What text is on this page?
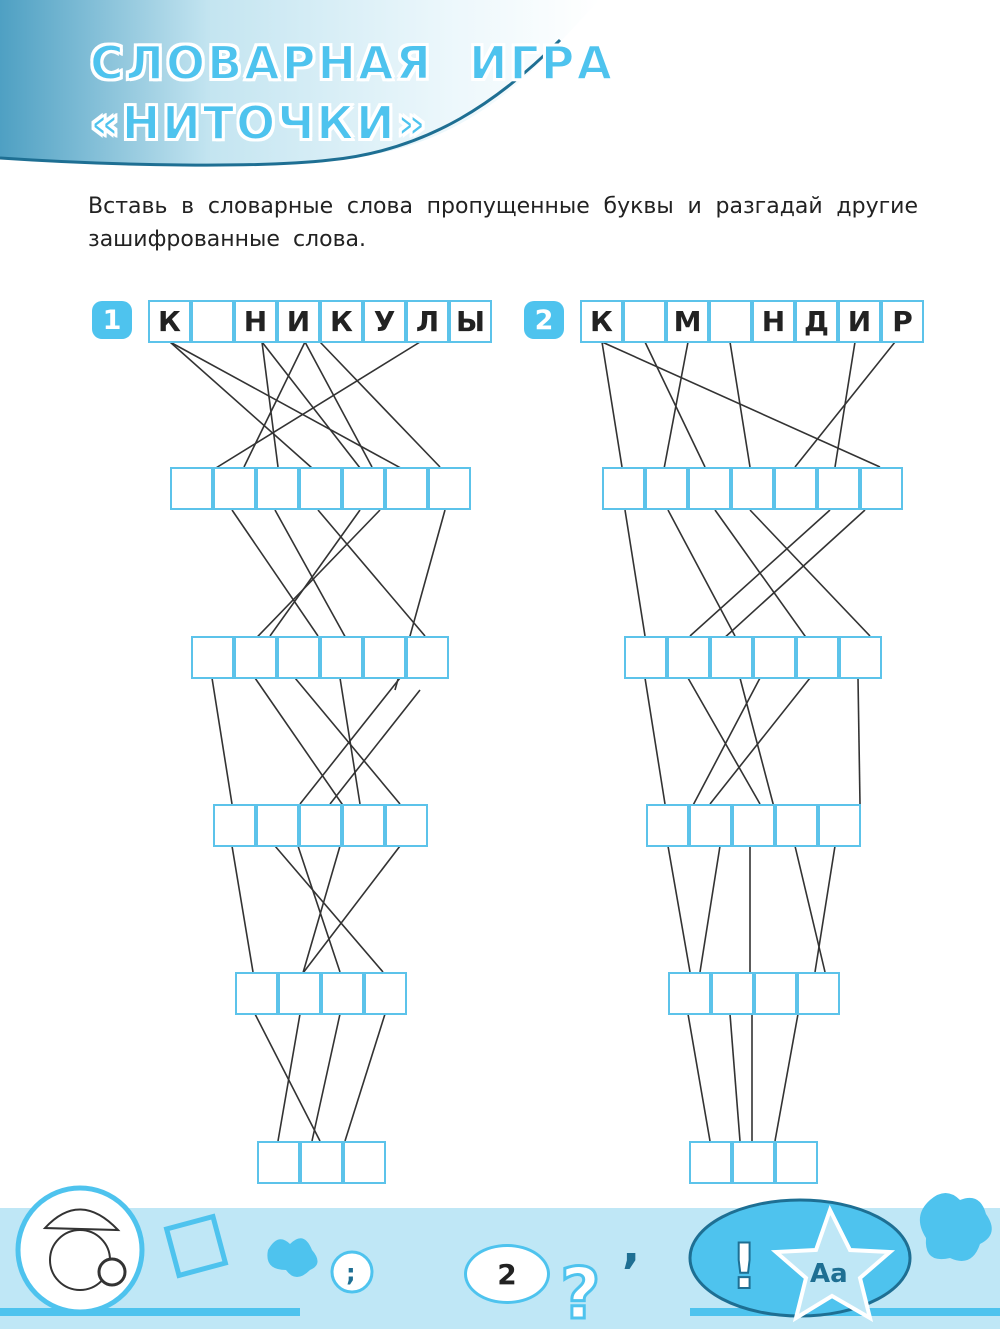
СЛОВАРНАЯ  ИГРА
«НИТОЧКИ»

Вставь в словарные слова пропущенные буквы и разгадай другие зашифрованные слова.

1	2
К	Н И К У Л Ы	К	М	Н Д И Р
;	?
, ! Aa
2
